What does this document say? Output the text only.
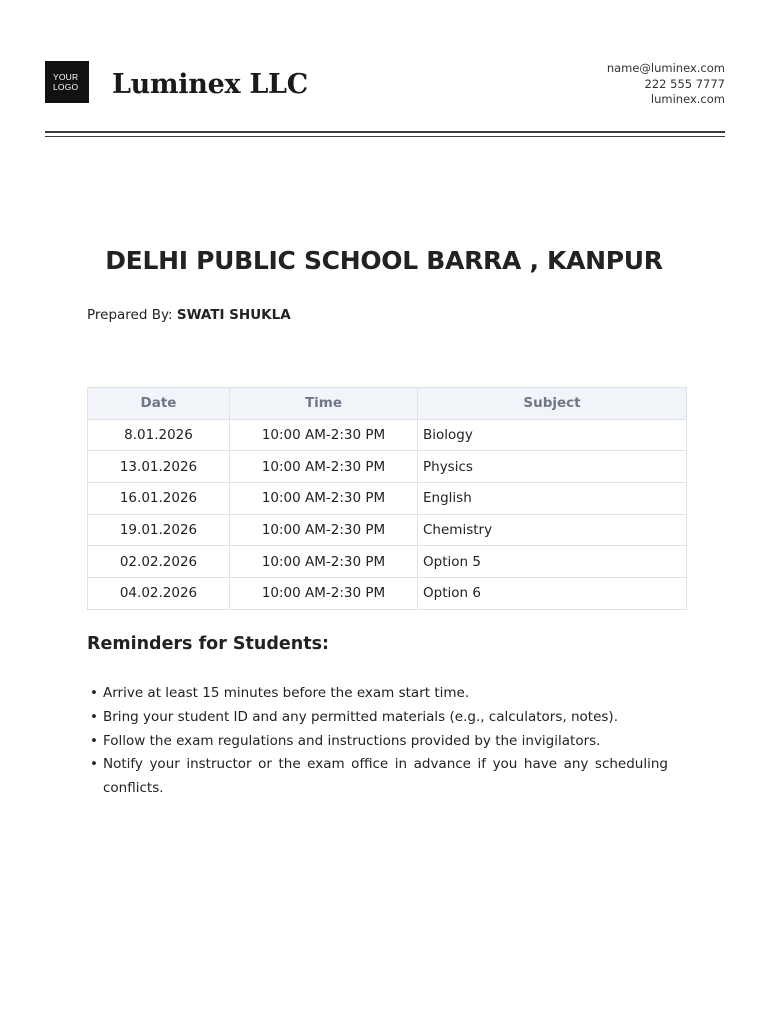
YOUR
LOGO	Luminex LLC
name@luminex.com
222 555 7777
luminex.com
DELHI PUBLIC SCHOOL BARRA , KANPUR
Prepared By: SWATI SHUKLA
Date	Time	Subject
8.01.2026	10:00 AM-2:30 PM	Biology
13.01.2026	10:00 AM-2:30 PM	Physics
16.01.2026	10:00 AM-2:30 PM	English
19.01.2026	10:00 AM-2:30 PM	Chemistry
02.02.2026	10:00 AM-2:30 PM	Option 5
04.02.2026	10:00 AM-2:30 PM	Option 6
Reminders for Students:
• Arrive at least 15 minutes before the exam start time.
• Bring your student ID and any permitted materials (e.g., calculators, notes).
• Follow the exam regulations and instructions provided by the invigilators.
• Notify your instructor or the exam office in advance if you have any scheduling conflicts.
